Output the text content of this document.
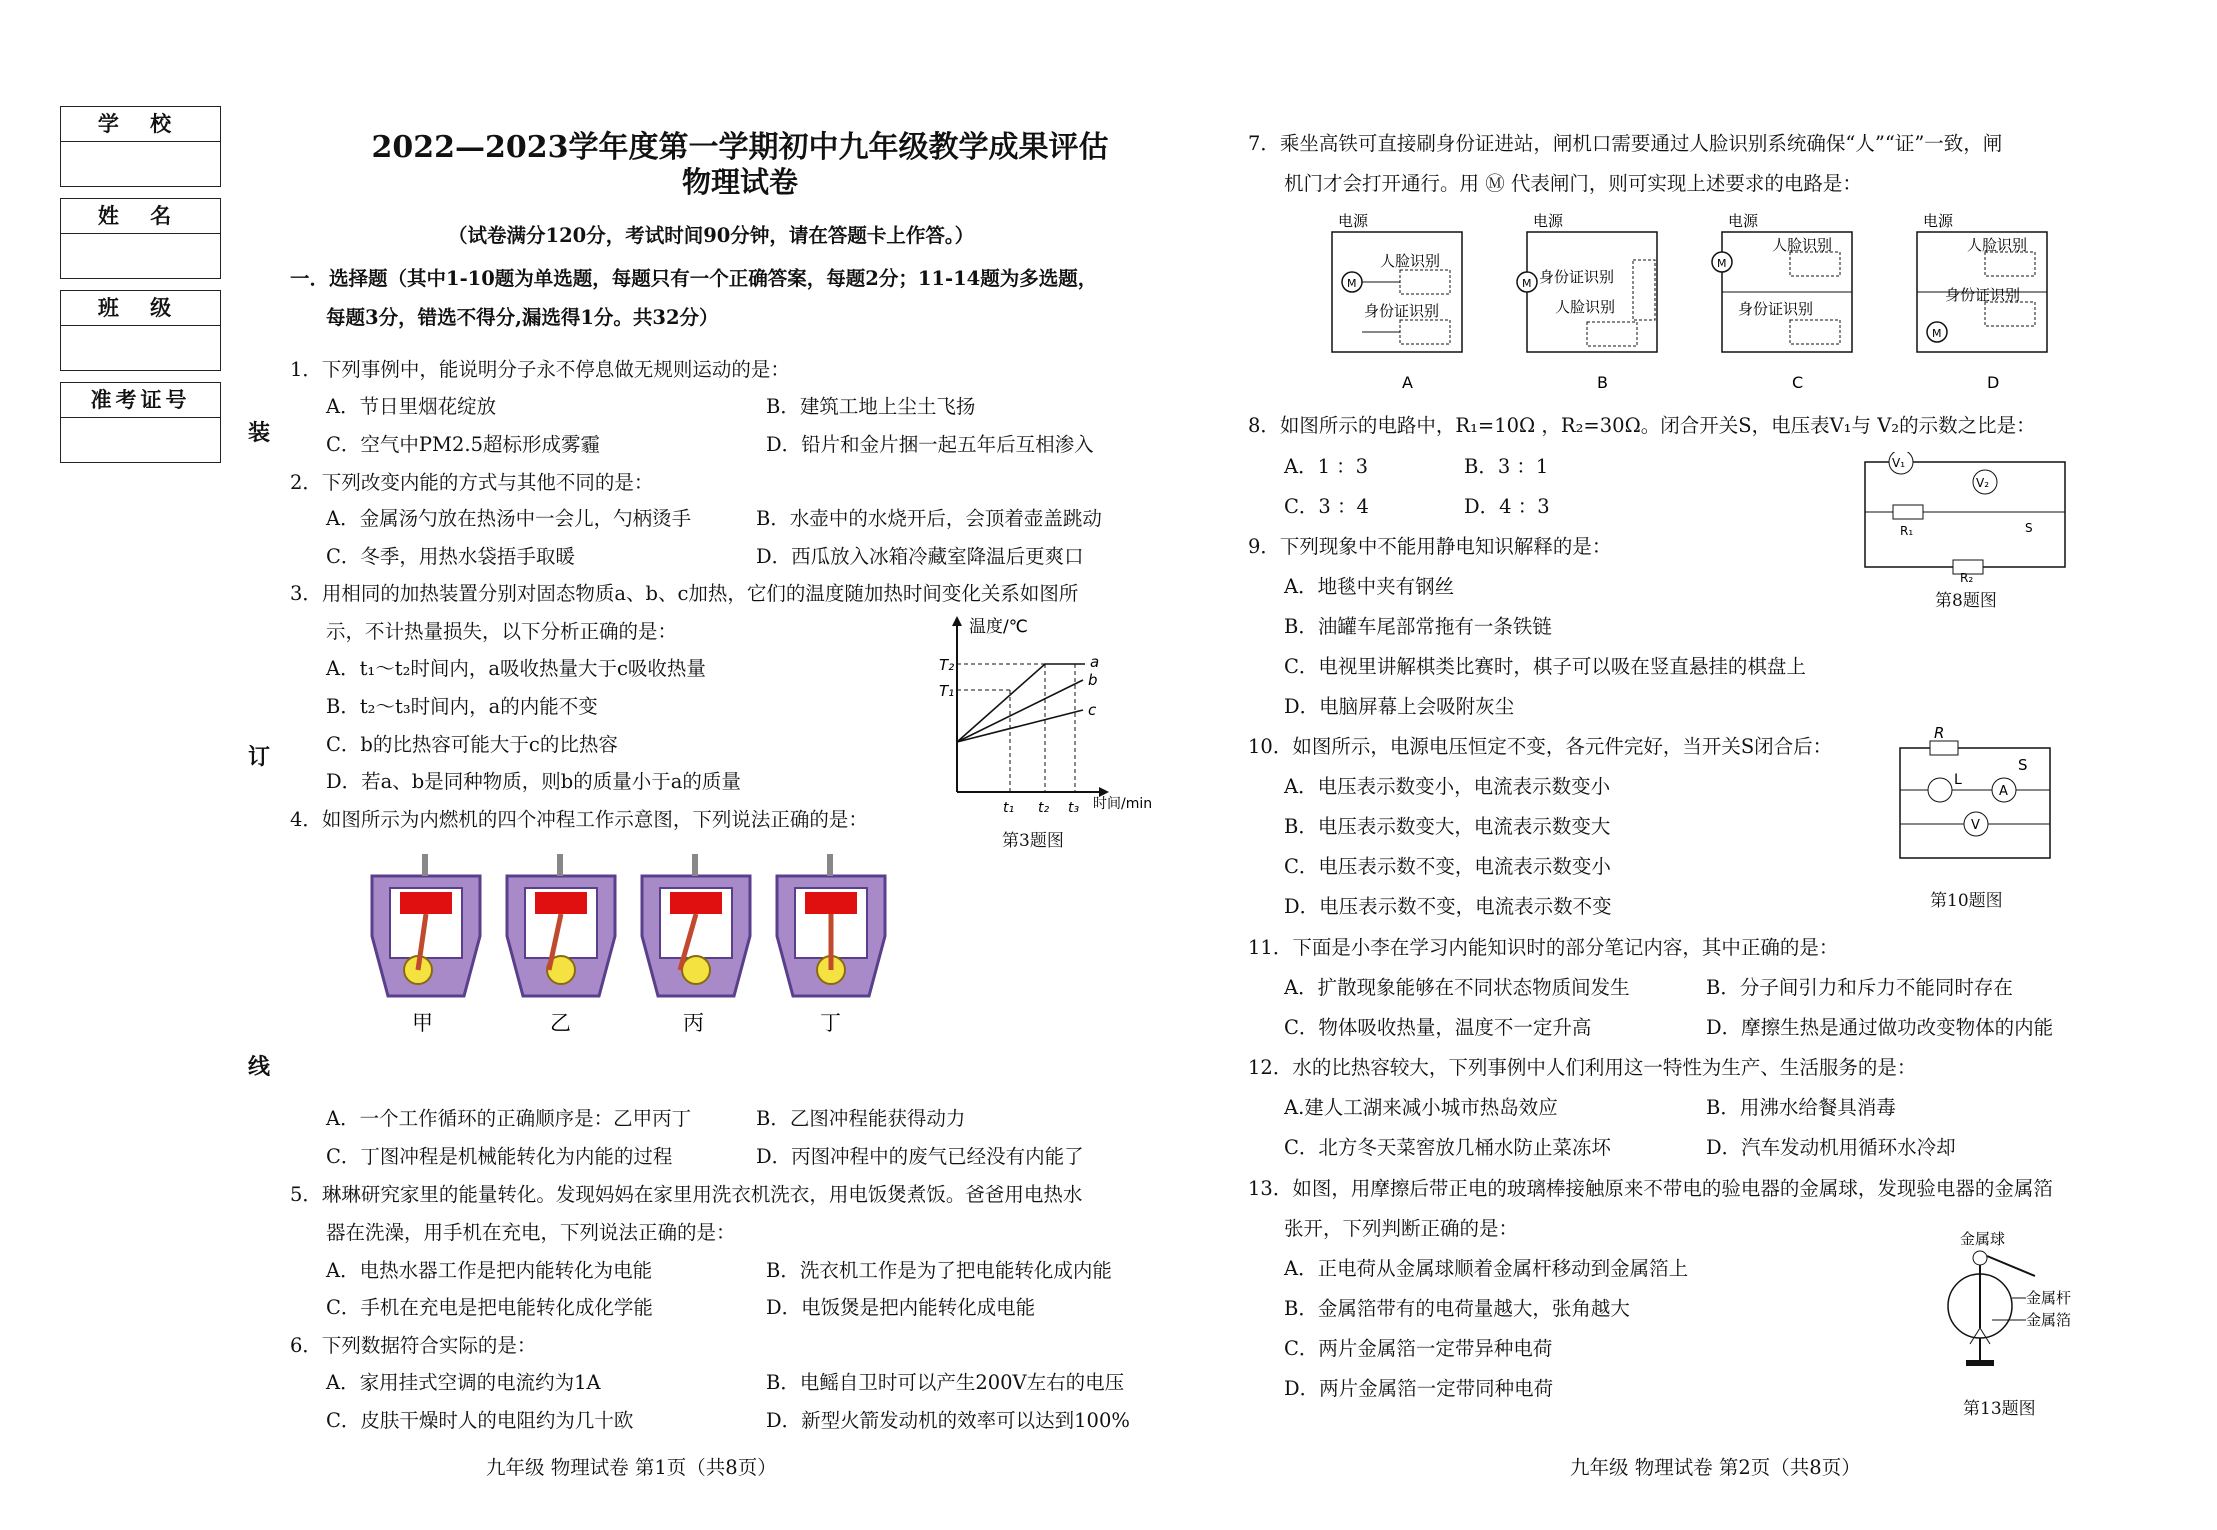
学 校
姓 名
班 级
准考证号
装
订
线
2022—2023学年度第一学期初中九年级教学成果评估
物理试卷
（试卷满分120分，考试时间90分钟，请在答题卡上作答。）
一．选择题（其中1-10题为单选题，每题只有一个正确答案，每题2分；11-14题为多选题，
每题3分，错选不得分,漏选得1分。共32分）
1．下列事例中，能说明分子永不停息做无规则运动的是：
A．节日里烟花绽放	B．建筑工地上尘土飞扬
C．空气中PM2.5超标形成雾霾	D．铅片和金片捆一起五年后互相渗入
2．下列改变内能的方式与其他不同的是：
A．金属汤勺放在热汤中一会儿，勺柄烫手	B．水壶中的水烧开后，会顶着壶盖跳动
C．冬季，用热水袋捂手取暖	D．西瓜放入冰箱冷藏室降温后更爽口
3．用相同的加热装置分别对固态物质a、b、c加热，它们的温度随加热时间变化关系如图所
示，不计热量损失，以下分析正确的是：
A．t₁～t₂时间内，a吸收热量大于c吸收热量
B．t₂～t₃时间内，a的内能不变
C．b的比热容可能大于c的比热容
D．若a、b是同种物质，则b的质量小于a的质量
温度/℃
时间/min
T₂
T₁
a
b
c
t₁ t₂ t₃
第3题图
4．如图所示为内燃机的四个冲程工作示意图，下列说法正确的是：
甲	乙	丙	丁
A．一个工作循环的正确顺序是：乙甲丙丁	B．乙图冲程能获得动力
C．丁图冲程是机械能转化为内能的过程	D．丙图冲程中的废气已经没有内能了
5．琳琳研究家里的能量转化。发现妈妈在家里用洗衣机洗衣，用电饭煲煮饭。爸爸用电热水
器在洗澡，用手机在充电，下列说法正确的是：
A．电热水器工作是把内能转化为电能	B．洗衣机工作是为了把电能转化成内能
C．手机在充电是把电能转化成化学能	D．电饭煲是把内能转化成电能
6．下列数据符合实际的是：
A．家用挂式空调的电流约为1A	B．电鳐自卫时可以产生200V左右的电压
C．皮肤干燥时人的电阻约为几十欧	D．新型火箭发动机的效率可以达到100%
九年级 物理试卷 第1页（共8页）
7．乘坐高铁可直接刷身份证进站，闸机口需要通过人脸识别系统确保“人”“证”一致，闸
机门才会打开通行。用 Ⓜ 代表闸门，则可实现上述要求的电路是：
电源
M
人脸识别
身份证识别
A
电源
M 身份证识别
人脸识别
B
电源
M
人脸识别
身份证识别
C
电源
M
人脸识别
身份证识别
D
8．如图所示的电路中，R₁=10Ω ，R₂=30Ω。闭合开关S，电压表V₁与 V₂的示数之比是：
A．1 ：3	B．3 ：1
C．3 ：4	D．4 ：3
V₁
V₂
R₁
R₂
S
第8题图
9．下列现象中不能用静电知识解释的是：
A．地毯中夹有钢丝
B．油罐车尾部常拖有一条铁链
C．电视里讲解棋类比赛时，棋子可以吸在竖直悬挂的棋盘上
D．电脑屏幕上会吸附灰尘
10．如图所示，电源电压恒定不变，各元件完好，当开关S闭合后：
A．电压表示数变小，电流表示数变小
B．电压表示数变大，电流表示数变大
C．电压表示数不变，电流表示数变小
D．电压表示数不变，电流表示数不变
R
S
L
A
V
第10题图
11．下面是小李在学习内能知识时的部分笔记内容，其中正确的是：
A．扩散现象能够在不同状态物质间发生	B．分子间引力和斥力不能同时存在
C．物体吸收热量，温度不一定升高	D．摩擦生热是通过做功改变物体的内能
12．水的比热容较大，下列事例中人们利用这一特性为生产、生活服务的是：
A.建人工湖来减小城市热岛效应	B．用沸水给餐具消毒
C．北方冬天菜窖放几桶水防止菜冻坏	D．汽车发动机用循环水冷却
13．如图，用摩擦后带正电的玻璃棒接触原来不带电的验电器的金属球，发现验电器的金属箔
张开，下列判断正确的是：
A．正电荷从金属球顺着金属杆移动到金属箔上
B．金属箔带有的电荷量越大，张角越大
C．两片金属箔一定带异种电荷
D．两片金属箔一定带同种电荷
金属球
金属杆
金属箔
第13题图
九年级 物理试卷 第2页（共8页）
